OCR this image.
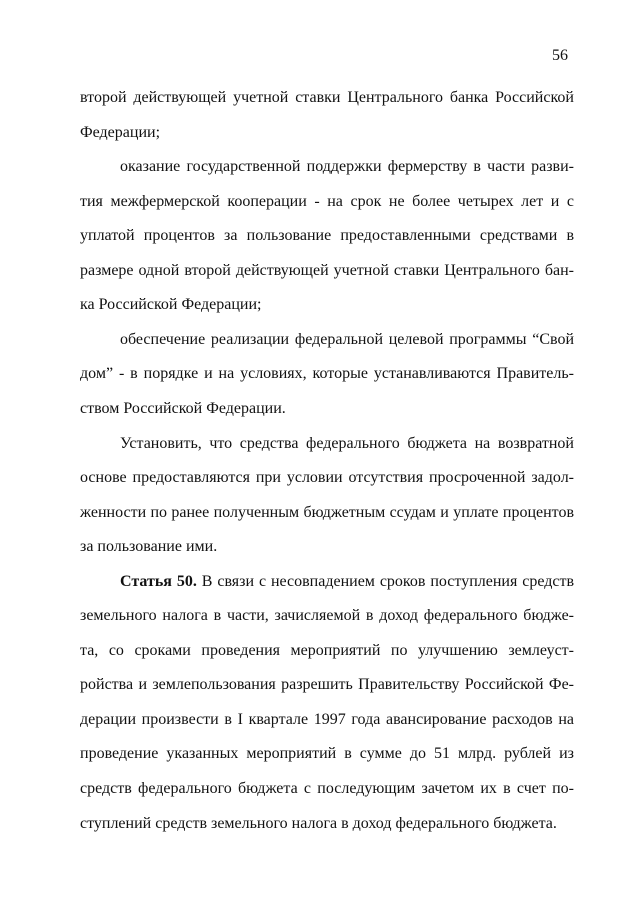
56
второй действующей учетной ставки Центрального банка Российской
Федерации;
оказание государственной поддержки фермерству в части разви-
тия межфермерской кооперации - на срок не более четырех лет и с
уплатой процентов за пользование предоставленными средствами в
размере одной второй действующей учетной ставки Центрального бан-
ка Российской Федерации;
обеспечение реализации федеральной целевой программы “Свой
дом” - в порядке и на условиях, которые устанавливаются Правитель-
ством Российской Федерации.
Установить, что средства федерального бюджета на возвратной
основе предоставляются при условии отсутствия просроченной задол-
женности по ранее полученным бюджетным ссудам и уплате процентов
за пользование ими.
Статья 50. В связи с несовпадением сроков поступления средств
земельного налога в части, зачисляемой в доход федерального бюдже-
та, со сроками проведения мероприятий по улучшению землеуст-
ройства и землепользования разрешить Правительству Российской Фе-
дерации произвести в I квартале 1997 года авансирование расходов на
проведение указанных мероприятий в сумме до 51 млрд. рублей из
средств федерального бюджета с последующим зачетом их в счет по-
ступлений средств земельного налога в доход федерального бюджета.
